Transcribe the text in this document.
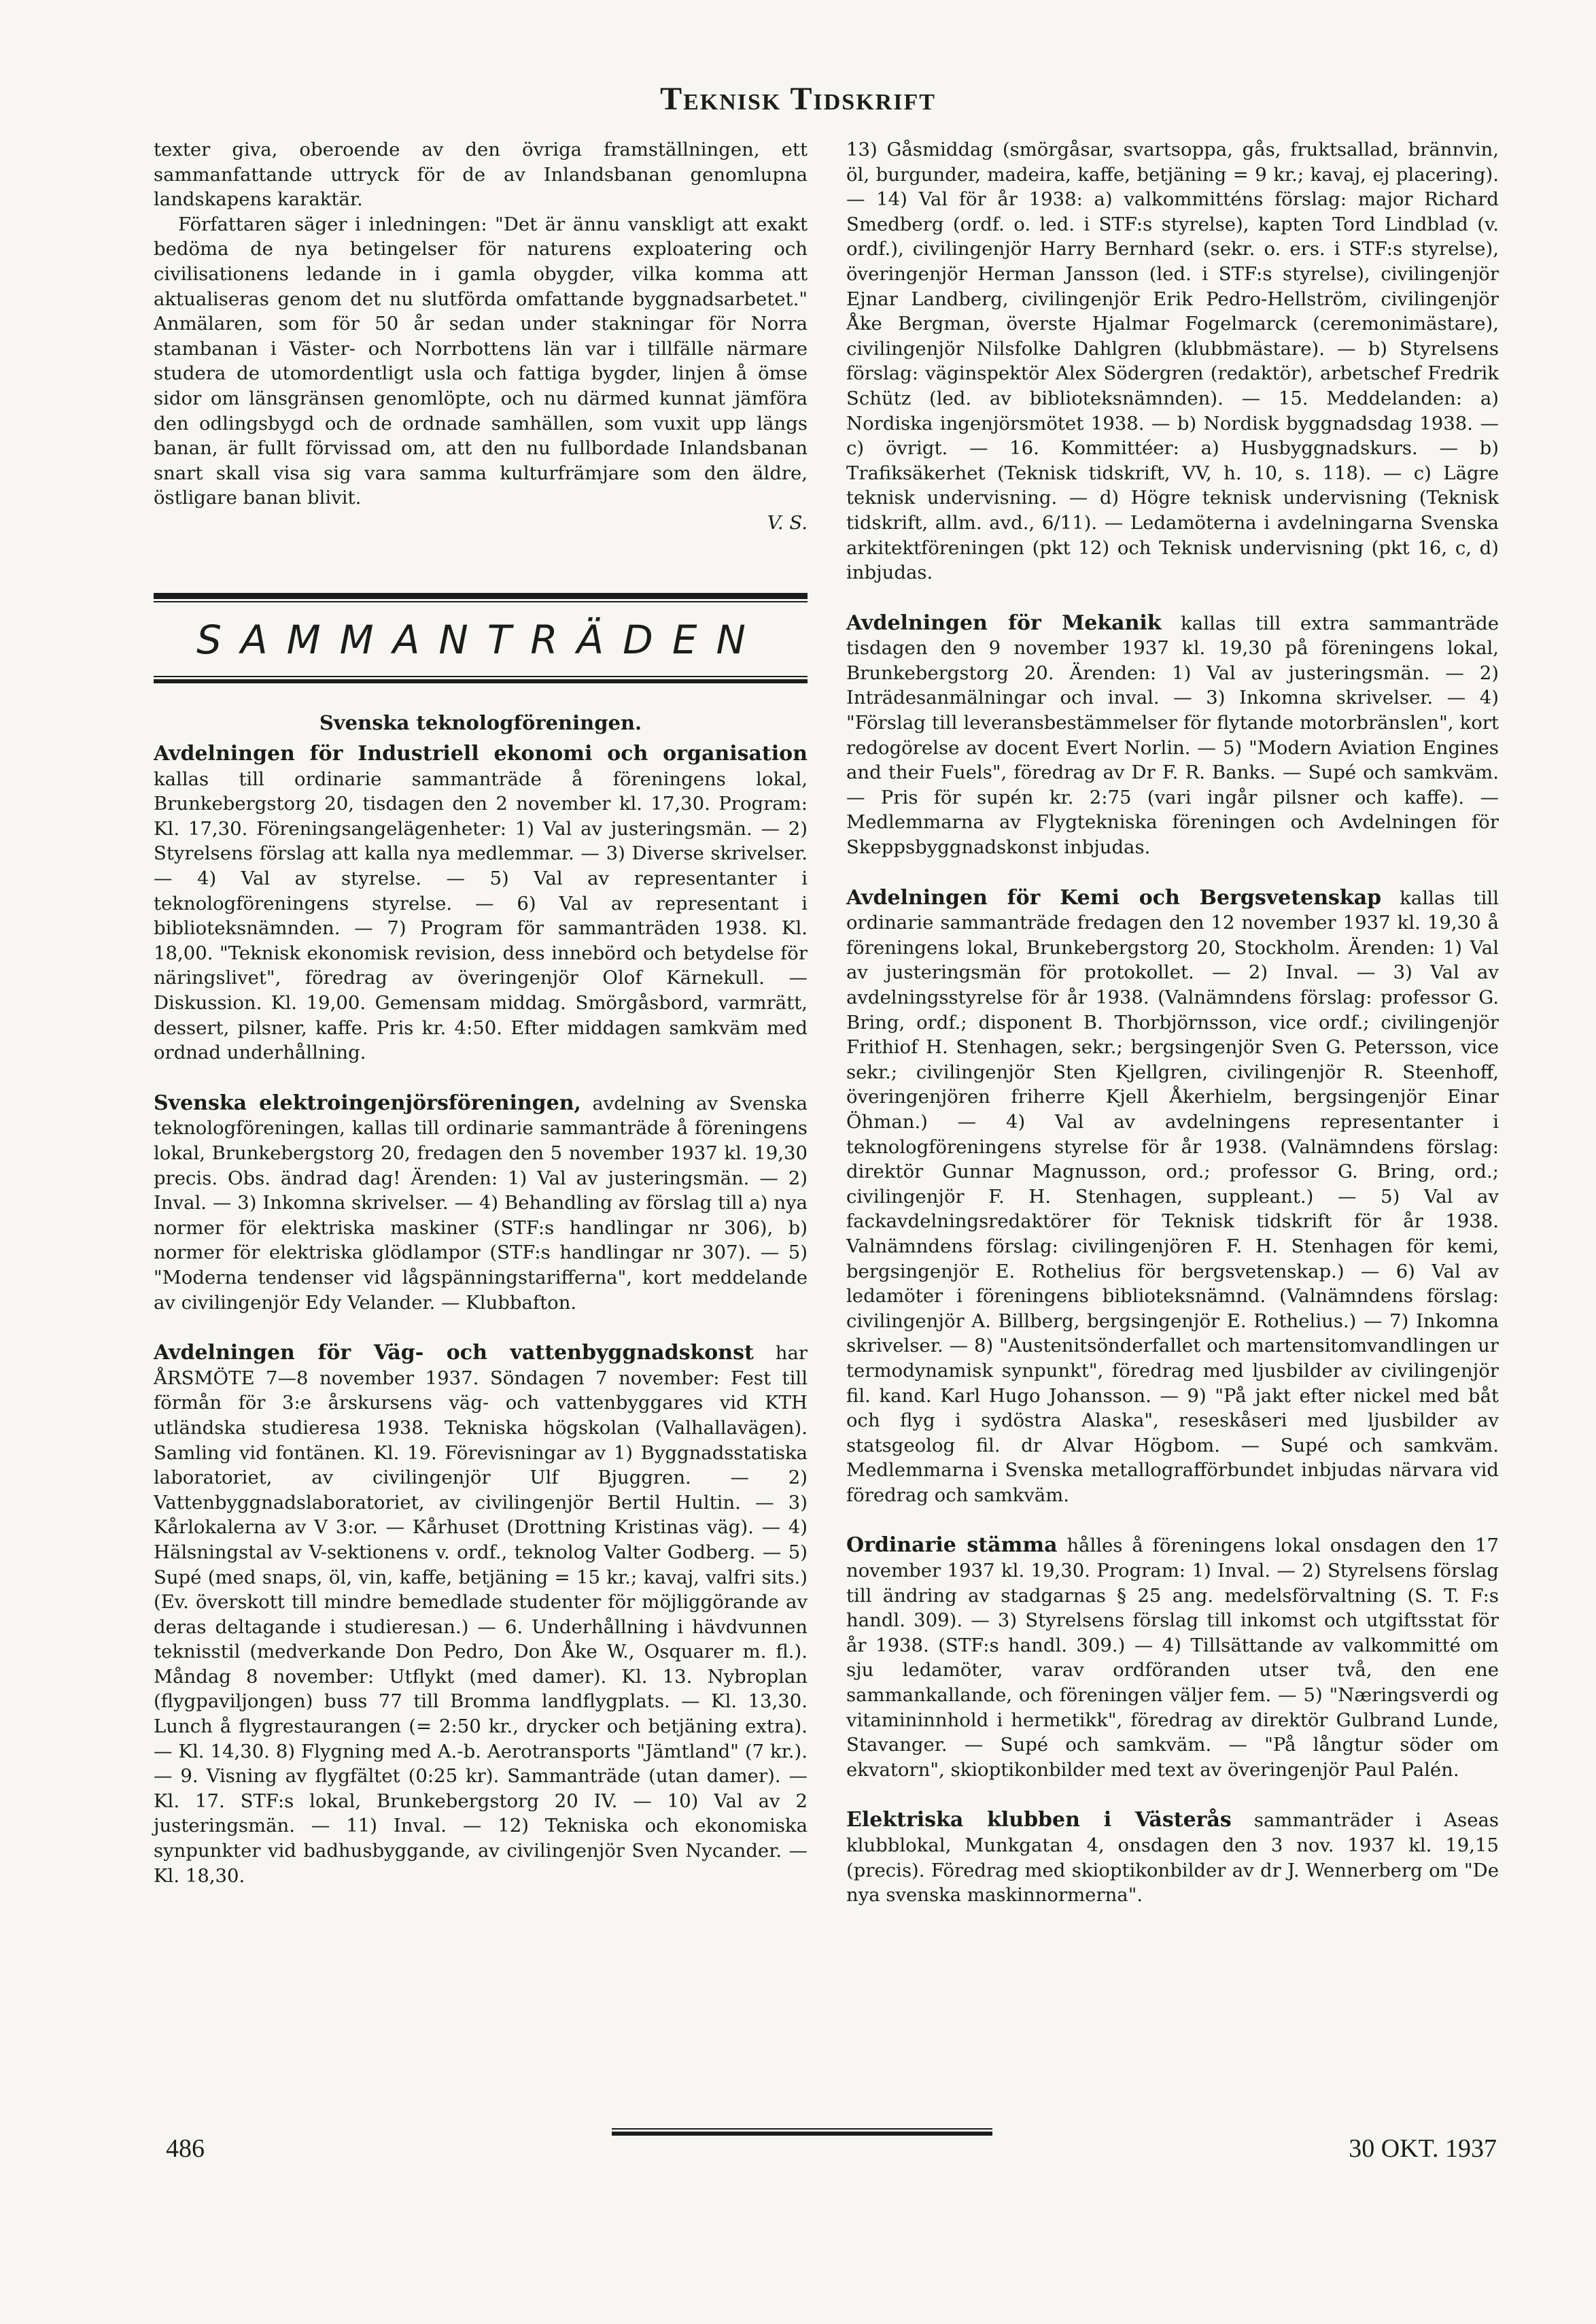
Teknisk Tidskrift

texter giva, oberoende av den övriga framställningen, ett sammanfattande uttryck för de av Inlandsbanan genomlupna landskapens karaktär.

Författaren säger i inledningen: "Det är ännu vanskligt att exakt bedöma de nya betingelser för naturens exploatering och civilisationens ledande in i gamla obygder, vilka komma att aktualiseras genom det nu slutförda omfattande byggnadsarbetet." Anmälaren, som för 50 år sedan under stakningar för Norra stambanan i Väster- och Norrbottens län var i tillfälle närmare studera de utomordentligt usla och fattiga bygder, linjen å ömse sidor om länsgränsen genomlöpte, och nu därmed kunnat jämföra den odlingsbygd och de ordnade samhällen, som vuxit upp längs banan, är fullt förvissad om, att den nu fullbordade Inlandsbanan snart skall visa sig vara samma kulturfrämjare som den äldre, östligare banan blivit.

V. S.

SAMMANTRÄDEN
Svenska teknologföreningen.
Avdelningen för Industriell ekonomi och organisation kallas till ordinarie sammanträde å föreningens lokal, Brunkebergstorg 20, tisdagen den 2 november kl. 17,30. Program: Kl. 17,30. Föreningsangelägenheter: 1) Val av justeringsmän. — 2) Styrelsens förslag att kalla nya medlemmar. — 3) Diverse skrivelser. — 4) Val av styrelse. — 5) Val av representanter i teknologföreningens styrelse. — 6) Val av representant i biblioteksnämnden. — 7) Program för sammanträden 1938. Kl. 18,00. "Teknisk ekonomisk revision, dess innebörd och betydelse för näringslivet", föredrag av överingenjör Olof Kärnekull. — Diskussion. Kl. 19,00. Gemensam middag. Smörgåsbord, varmrätt, dessert, pilsner, kaffe. Pris kr. 4:50. Efter middagen samkväm med ordnad underhållning.
Svenska elektroingenjörsföreningen, avdelning av Svenska teknologföreningen, kallas till ordinarie sammanträde å föreningens lokal, Brunkebergstorg 20, fredagen den 5 november 1937 kl. 19,30 precis. Obs. ändrad dag! Ärenden: 1) Val av justeringsmän. — 2) Inval. — 3) Inkomna skrivelser. — 4) Behandling av förslag till a) nya normer för elektriska maskiner (STF:s handlingar nr 306), b) normer för elektriska glödlampor (STF:s handlingar nr 307). — 5) "Moderna tendenser vid lågspänningstarifferna", kort meddelande av civilingenjör Edy Velander. — Klubbafton.
Avdelningen för Väg- och vattenbyggnadskonst har ÅRSMÖTE 7—8 november 1937. Söndagen 7 november: Fest till förmån för 3:e årskursens väg- och vattenbyggares vid KTH utländska studieresa 1938. Tekniska högskolan (Valhallavägen). Samling vid fontänen. Kl. 19. Förevisningar av 1) Byggnadsstatiska laboratoriet, av civilingenjör Ulf Bjuggren. — 2) Vattenbyggnadslaboratoriet, av civilingenjör Bertil Hultin. — 3) Kårlokalerna av V 3:or. — Kårhuset (Drottning Kristinas väg). — 4) Hälsningstal av V-sektionens v. ordf., teknolog Valter Godberg. — 5) Supé (med snaps, öl, vin, kaffe, betjäning = 15 kr.; kavaj, valfri sits.) (Ev. överskott till mindre bemedlade studenter för möjliggörande av deras deltagande i studieresan.) — 6. Underhållning i hävdvunnen teknisstil (medverkande Don Pedro, Don Åke W., Osquarer m. fl.). Måndag 8 november: Utflykt (med damer). Kl. 13. Nybroplan (flygpaviljongen) buss 77 till Bromma landflygplats. — Kl. 13,30. Lunch å flygrestaurangen (= 2:50 kr., drycker och betjäning extra). — Kl. 14,30. 8) Flygning med A.-b. Aerotransports "Jämtland" (7 kr.). — 9. Visning av flygfältet (0:25 kr). Sammanträde (utan damer). — Kl. 17. STF:s lokal, Brunkebergstorg 20 IV. — 10) Val av 2 justeringsmän. — 11) Inval. — 12) Tekniska och ekonomiska synpunkter vid badhusbyggande, av civilingenjör Sven Nycander. — Kl. 18,30.
13) Gåsmiddag (smörgåsar, svartsoppa, gås, fruktsallad, brännvin, öl, burgunder, madeira, kaffe, betjäning = 9 kr.; kavaj, ej placering). — 14) Val för år 1938: a) valkommitténs förslag: major Richard Smedberg (ordf. o. led. i STF:s styrelse), kapten Tord Lindblad (v. ordf.), civilingenjör Harry Bernhard (sekr. o. ers. i STF:s styrelse), överingenjör Herman Jansson (led. i STF:s styrelse), civilingenjör Ejnar Landberg, civilingenjör Erik Pedro-Hellström, civilingenjör Åke Bergman, överste Hjalmar Fogelmarck (ceremonimästare), civilingenjör Nilsfolke Dahlgren (klubbmästare). — b) Styrelsens förslag: väginspektör Alex Södergren (redaktör), arbetschef Fredrik Schütz (led. av biblioteksnämnden). — 15. Meddelanden: a) Nordiska ingenjörsmötet 1938. — b) Nordisk byggnadsdag 1938. — c) övrigt. — 16. Kommittéer: a) Husbyggnadskurs. — b) Trafiksäkerhet (Teknisk tidskrift, VV, h. 10, s. 118). — c) Lägre teknisk undervisning. — d) Högre teknisk undervisning (Teknisk tidskrift, allm. avd., 6/11). — Ledamöterna i avdelningarna Svenska arkitektföreningen (pkt 12) och Teknisk undervisning (pkt 16, c, d) inbjudas.
Avdelningen för Mekanik kallas till extra sammanträde tisdagen den 9 november 1937 kl. 19,30 på föreningens lokal, Brunkebergstorg 20. Ärenden: 1) Val av justeringsmän. — 2) Inträdesanmälningar och inval. — 3) Inkomna skrivelser. — 4) "Förslag till leveransbestämmelser för flytande motorbränslen", kort redogörelse av docent Evert Norlin. — 5) "Modern Aviation Engines and their Fuels", föredrag av Dr F. R. Banks. — Supé och samkväm. — Pris för supén kr. 2:75 (vari ingår pilsner och kaffe). — Medlemmarna av Flygtekniska föreningen och Avdelningen för Skeppsbyggnadskonst inbjudas.
Avdelningen för Kemi och Bergsvetenskap kallas till ordinarie sammanträde fredagen den 12 november 1937 kl. 19,30 å föreningens lokal, Brunkebergstorg 20, Stockholm. Ärenden: 1) Val av justeringsmän för protokollet. — 2) Inval. — 3) Val av avdelningsstyrelse för år 1938. (Valnämndens förslag: professor G. Bring, ordf.; disponent B. Thorbjörnsson, vice ordf.; civilingenjör Frithiof H. Stenhagen, sekr.; bergsingenjör Sven G. Petersson, vice sekr.; civilingenjör Sten Kjellgren, civilingenjör R. Steenhoff, överingenjören friherre Kjell Åkerhielm, bergsingenjör Einar Öhman.) — 4) Val av avdelningens representanter i teknologföreningens styrelse för år 1938. (Valnämndens förslag: direktör Gunnar Magnusson, ord.; professor G. Bring, ord.; civilingenjör F. H. Stenhagen, suppleant.) — 5) Val av fackavdelningsredaktörer för Teknisk tidskrift för år 1938. Valnämndens förslag: civilingenjören F. H. Stenhagen för kemi, bergsingenjör E. Rothelius för bergsvetenskap.) — 6) Val av ledamöter i föreningens biblioteksnämnd. (Valnämndens förslag: civilingenjör A. Billberg, bergsingenjör E. Rothelius.) — 7) Inkomna skrivelser. — 8) "Austenitsönderfallet och martensitomvandlingen ur termodynamisk synpunkt", föredrag med ljusbilder av civilingenjör fil. kand. Karl Hugo Johansson. — 9) "På jakt efter nickel med båt och flyg i sydöstra Alaska", reseskåseri med ljusbilder av statsgeolog fil. dr Alvar Högbom. — Supé och samkväm. Medlemmarna i Svenska metallografförbundet inbjudas närvara vid föredrag och samkväm.
Ordinarie stämma hålles å föreningens lokal onsdagen den 17 november 1937 kl. 19,30. Program: 1) Inval. — 2) Styrelsens förslag till ändring av stadgarnas § 25 ang. medelsförvaltning (S. T. F:s handl. 309). — 3) Styrelsens förslag till inkomst och utgiftsstat för år 1938. (STF:s handl. 309.) — 4) Tillsättande av valkommitté om sju ledamöter, varav ordföranden utser två, den ene sammankallande, och föreningen väljer fem. — 5) "Næringsverdi og vitamininnhold i hermetikk", föredrag av direktör Gulbrand Lunde, Stavanger. — Supé och samkväm. — "På långtur söder om ekvatorn", skioptikonbilder med text av överingenjör Paul Palén.
Elektriska klubben i Västerås sammanträder i Aseas klubblokal, Munkgatan 4, onsdagen den 3 nov. 1937 kl. 19,15 (precis). Föredrag med skioptikonbilder av dr J. Wennerberg om "De nya svenska maskinnormerna".
486	30 OKT. 1937
